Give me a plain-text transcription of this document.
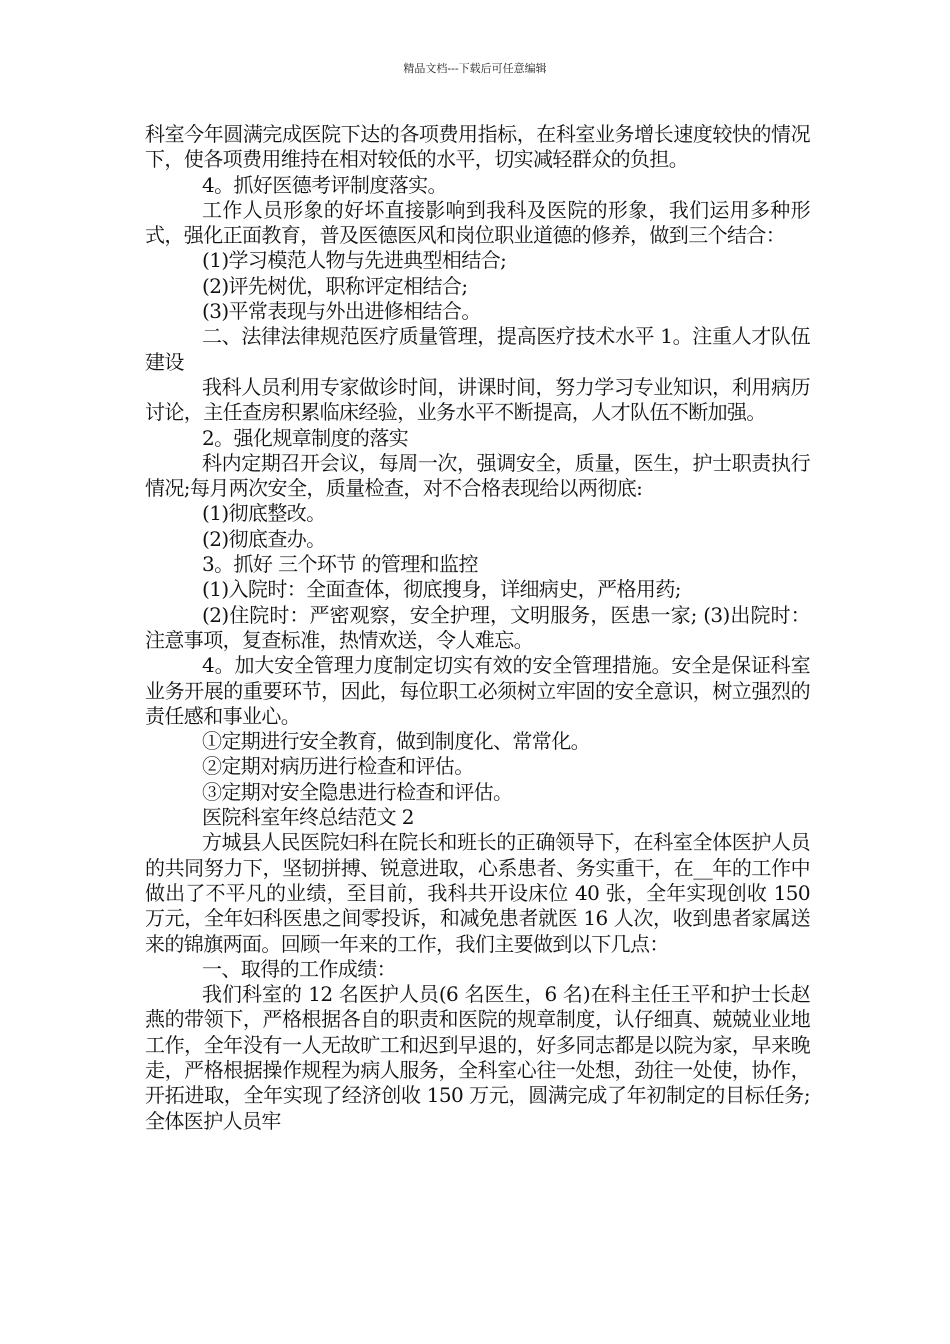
精品文档---下载后可任意编辑

科室今年圆满完成医院下达的各项费用指标，在科室业务增长速度较快的情况下，使各项费用维持在相对较低的水平，切实减轻群众的负担。

4。抓好医德考评制度落实。

工作人员形象的好坏直接影响到我科及医院的形象，我们运用多种形式，强化正面教育，普及医德医风和岗位职业道德的修养，做到三个结合：

(1)学习模范人物与先进典型相结合;

(2)评先树优，职称评定相结合;

(3)平常表现与外出进修相结合。

二、法律法律规范医疗质量管理，提高医疗技术水平 1。注重人才队伍建设

我科人员利用专家做诊时间，讲课时间，努力学习专业知识，利用病历讨论，主任查房积累临床经验，业务水平不断提高，人才队伍不断加强。

2。强化规章制度的落实

科内定期召开会议，每周一次，强调安全，质量，医生，护士职责执行情况;每月两次安全，质量检查，对不合格表现给以两彻底:

(1)彻底整改。

(2)彻底查办。

3。抓好 三个环节 的管理和监控

(1)入院时：全面查体，彻底搜身，详细病史，严格用药;

(2)住院时：严密观察，安全护理，文明服务，医患一家; (3)出院时：注意事项，复查标准，热情欢送，令人难忘。

4。加大安全管理力度制定切实有效的安全管理措施。安全是保证科室业务开展的重要环节，因此，每位职工必须树立牢固的安全意识，树立强烈的责任感和事业心。

①定期进行安全教育，做到制度化、常常化。

②定期对病历进行检查和评估。

③定期对安全隐患进行检查和评估。

医院科室年终总结范文 2

方城县人民医院妇科在院长和班长的正确领导下，在科室全体医护人员的共同努力下，坚韧拼搏、锐意进取，心系患者、务实重干，在__年的工作中做出了不平凡的业绩，至目前，我科共开设床位 40 张，全年实现创收 150 万元，全年妇科医患之间零投诉，和减免患者就医 16 人次，收到患者家属送来的锦旗两面。回顾一年来的工作，我们主要做到以下几点：

一、取得的工作成绩：

我们科室的 12 名医护人员(6 名医生，6 名)在科主任王平和护士长赵燕的带领下，严格根据各自的职责和医院的规章制度，认仔细真、兢兢业业地工作，全年没有一人无故旷工和迟到早退的，好多同志都是以院为家，早来晚走，严格根据操作规程为病人服务，全科室心往一处想，劲往一处使，协作，开拓进取，全年实现了经济创收 150 万元，圆满完成了年初制定的目标任务;全体医护人员牢
